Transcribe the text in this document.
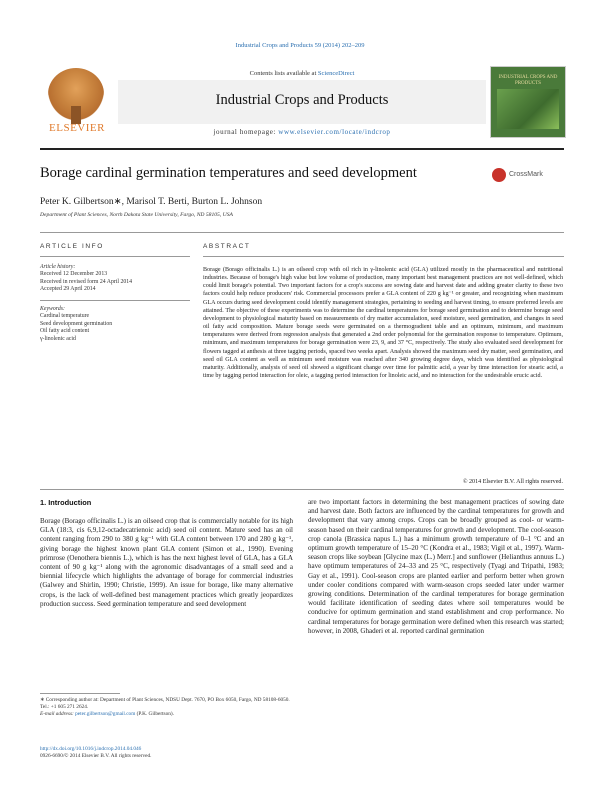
Industrial Crops and Products 59 (2014) 202–209
ELSEVIER
Contents lists available at ScienceDirect
Industrial Crops and Products
journal homepage: www.elsevier.com/locate/indcrop
INDUSTRIAL CROPS AND PRODUCTS
Borage cardinal germination temperatures and seed development	CrossMark
Peter K. Gilbertson∗, Marisol T. Berti, Burton L. Johnson
Department of Plant Sciences, North Dakota State University, Fargo, ND 58105, USA
ARTICLE INFO	ABSTRACT
Article history:
Received 12 December 2013
Received in revised form 24 April 2014
Accepted 29 April 2014
Keywords:
Cardinal temperature
Seed development germination
Oil fatty acid content
γ-linolenic acid
Borage (Borago officinalis L.) is an oilseed crop with oil rich in γ-linolenic acid (GLA) utilized mostly in the pharmaceutical and nutritional industries. Because of borage's high value but low volume of production, many important best management practices are not well-defined, which could limit borage's potential. Two important factors for a crop's success are sowing date and harvest date and adding greater clarity to these two factors could help reduce producers' risk. Commercial processors prefer a GLA content of 220 g kg⁻¹ or greater, and recognizing when maximum GLA occurs during seed development could identify management strategies, pertaining to seeding and harvest timing, to ensure preferred levels are attained. The objective of these experiments was to determine the cardinal temperatures for borage seed germination and to determine borage seed development to physiological maturity based on measurements of dry matter accumulation, seed moisture, seed germination, and changes in seed oil fatty acid composition. Mature borage seeds were germinated on a thermogradient table and an optimum, minimum, and maximum temperatures were derived from regression analysis that generated a 2nd order polynomial for the germination response to temperature. Optimum, minimum, and maximum temperatures for borage germination were 23, 9, and 37 °C, respectively. The study also evaluated seed development for flowers tagged at anthesis at three tagging periods, spaced two weeks apart. Analysis showed the maximum seed dry matter, seed germination, and seed oil GLA content as well as minimum seed moisture was reached after 340 growing degree days, which was identified as physiological maturity. Additionally, analysis of seed oil showed a significant change over time for palmitic acid, a year by time interaction for stearic acid, a time by tagging period interaction for oleic, a tagging period interaction for linoleic acid, and no interaction for the undesirable erucic acid.
© 2014 Elsevier B.V. All rights reserved.
1. Introduction
Borage (Borago officinalis L.) is an oilseed crop that is commercially notable for its high GLA (18:3, cis 6,9,12-octadecatrienoic acid) seed oil content. Mature seed has an oil content ranging from 290 to 380 g kg⁻¹ with GLA content between 170 and 280 g kg⁻¹, giving borage the highest known plant GLA content (Simon et al., 1990). Evening primrose (Oenothera biennis L.), which is has the next highest level of GLA, has a GLA content of 90 g kg⁻¹ along with the agronomic disadvantages of a small seed and a biennial lifecycle which highlights the advantage of borage for commercial industries (Galwey and Shirlin, 1990; Christie, 1999). An issue for borage, like many alternative crops, is the lack of well-defined best management practices which greatly jeopardizes production success. Seed germination temperature and seed development
are two important factors in determining the best management practices of sowing date and harvest date. Both factors are influenced by the cardinal temperatures for growth and development that vary among crops. Crops can be broadly grouped as cool- or warm-season based on their cardinal temperatures for growth and development. The cool-season crop canola (Brassica napus L.) has a minimum growth temperature of 0–1 °C and an optimum growth temperature of 15–20 °C (Kondra et al., 1983; Vigil et al., 1997). Warm-season crops like soybean [Glycine max (L.) Merr.] and sunflower (Helianthus annuus L.) have optimum temperatures of 24–33 and 25 °C, respectively (Tyagi and Tripathi, 1983; Gay et al., 1991). Cool-season crops are planted earlier and perform better when grown under cooler conditions compared with warm-season crops seeded later under warmer growing conditions. Determination of the cardinal temperatures for borage germination would facilitate identification of seeding dates where soil temperatures would be conducive for optimum germination and stand establishment and crop performance. No cardinal temperatures for borage germination were defined when this research was started; however, in 2008, Ghaderi et al. reported cardinal germination
∗ Corresponding author at: Department of Plant Sciences, NDSU Dept. 7670, PO Box 6050, Fargo, ND 58108-6050. Tel.: +1 605 271 2624.
E-mail address: peter.gilbertson@gmail.com (P.K. Gilbertson).
http://dx.doi.org/10.1016/j.indcrop.2014.04.046
0926-6690/© 2014 Elsevier B.V. All rights reserved.
